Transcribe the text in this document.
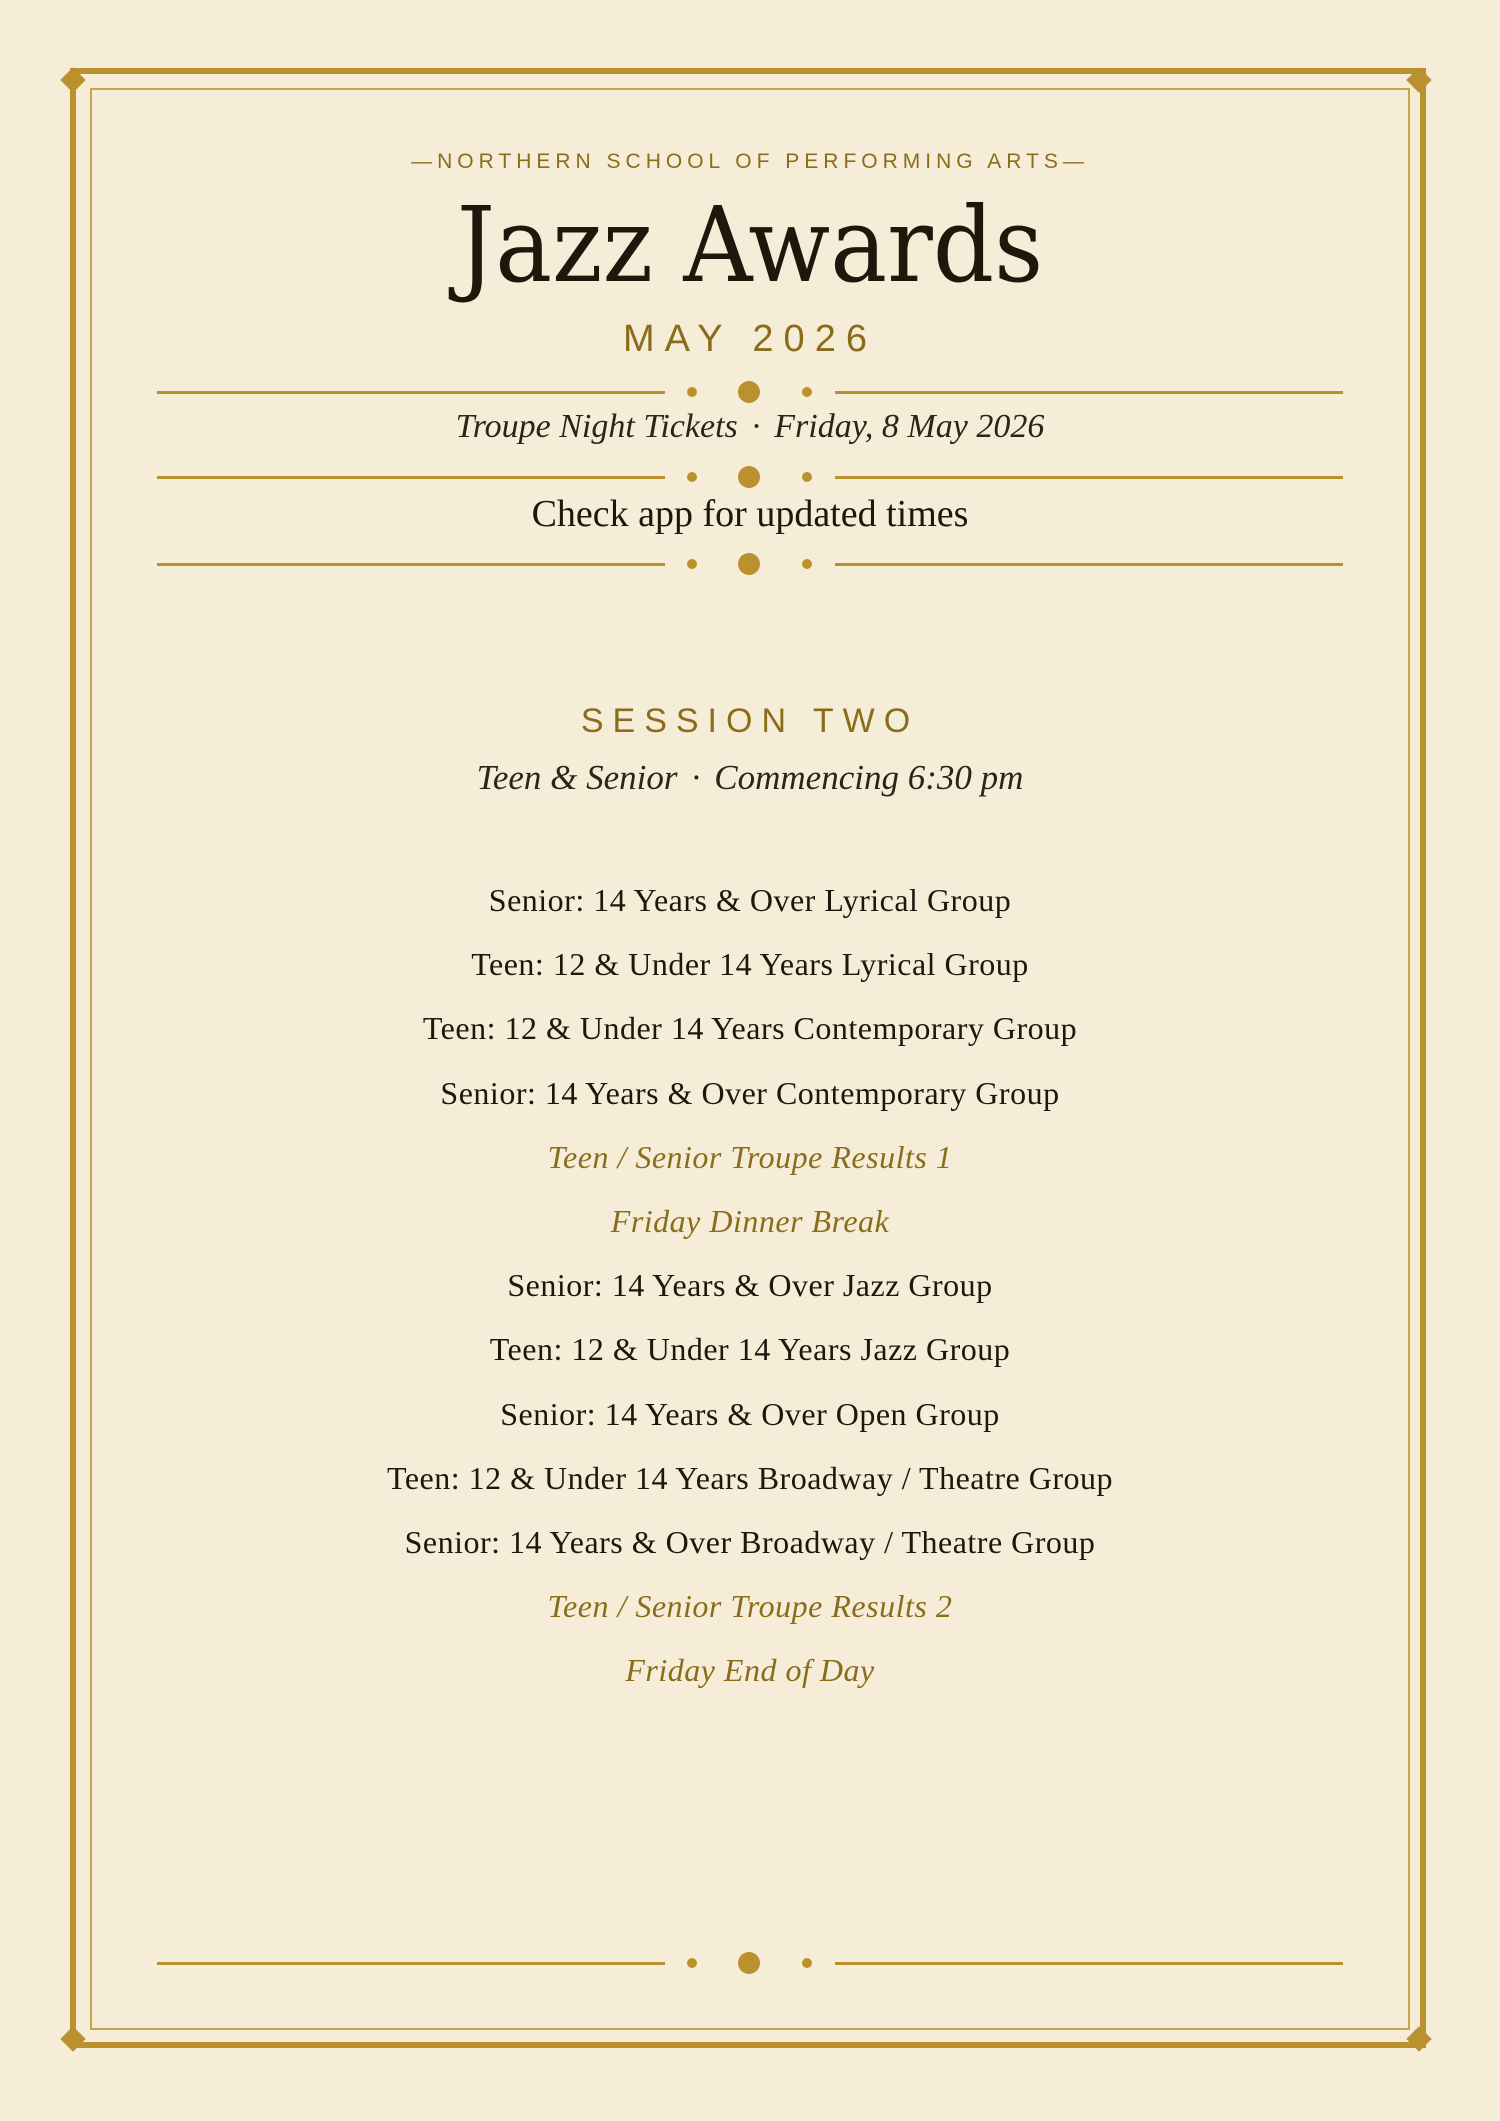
—NORTHERN SCHOOL OF PERFORMING ARTS—
Jazz Awards
MAY 2026
Troupe Night Tickets · Friday, 8 May 2026
Check app for updated times
SESSION TWO
Teen & Senior · Commencing 6:30 pm
Senior: 14 Years & Over Lyrical Group
Teen: 12 & Under 14 Years Lyrical Group
Teen: 12 & Under 14 Years Contemporary Group
Senior: 14 Years & Over Contemporary Group
Teen / Senior Troupe Results 1
Friday Dinner Break
Senior: 14 Years & Over Jazz Group
Teen: 12 & Under 14 Years Jazz Group
Senior: 14 Years & Over Open Group
Teen: 12 & Under 14 Years Broadway / Theatre Group
Senior: 14 Years & Over Broadway / Theatre Group
Teen / Senior Troupe Results 2
Friday End of Day
